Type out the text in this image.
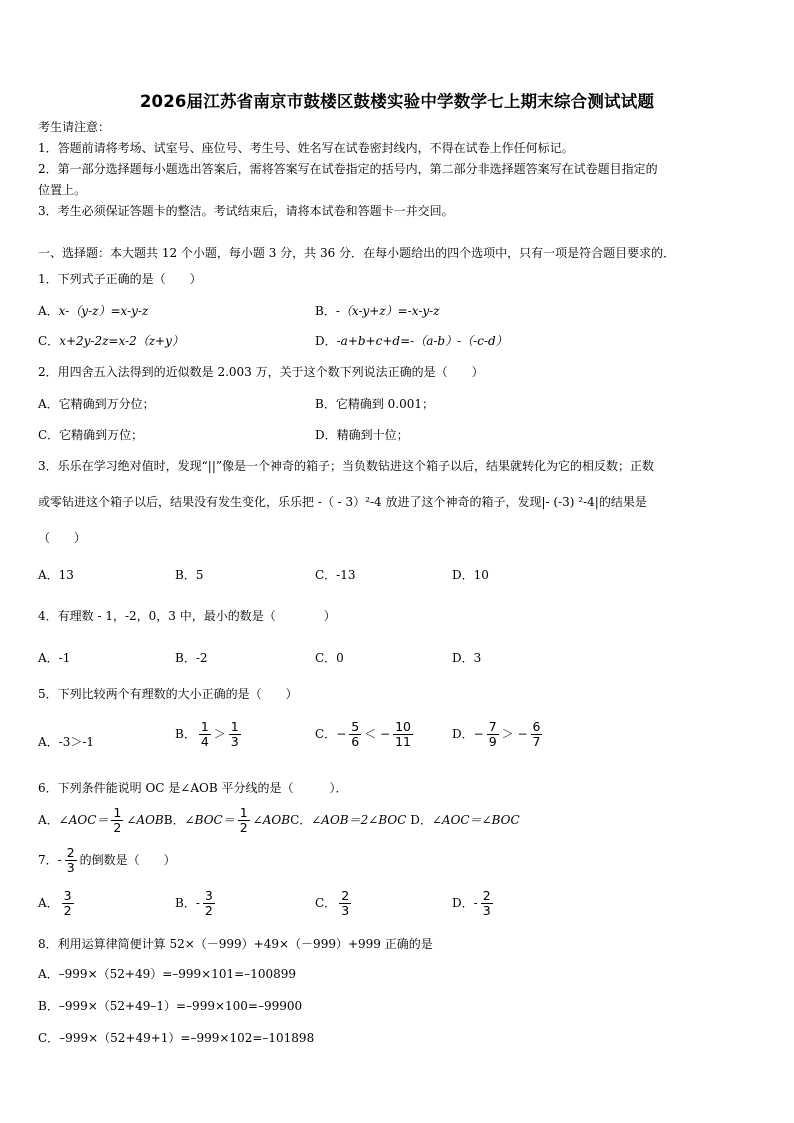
2026届江苏省南京市鼓楼区鼓楼实验中学数学七上期末综合测试试题
考生请注意：
1．答题前请将考场、试室号、座位号、考生号、姓名写在试卷密封线内，不得在试卷上作任何标记。
2．第一部分选择题每小题选出答案后，需将答案写在试卷指定的括号内，第二部分非选择题答案写在试卷题目指定的
位置上。
3．考生必须保证答题卡的整洁。考试结束后，请将本试卷和答题卡一并交回。
一、选择题：本大题共 12 个小题，每小题 3 分，共 36 分．在每小题给出的四个选项中，只有一项是符合题目要求的．
1．下列式子正确的是（　　）
A．x-（y-z）=x-y-z	B．-（x-y+z）=-x-y-z
C．x+2y-2z=x-2（z+y）	D．-a+b+c+d=-（a-b）-（-c-d）
2．用四舍五入法得到的近似数是 2.003 万，关于这个数下列说法正确的是（　　）
A．它精确到万分位；	B．它精确到 0.001；
C．它精确到万位；	D．精确到十位；
3．乐乐在学习绝对值时，发现“||”像是一个神奇的箱子；当负数钻进这个箱子以后，结果就转化为它的相反数；正数
或零钻进这个箱子以后，结果没有发生变化，乐乐把 -（ - 3）²-4 放进了这个神奇的箱子，发现|- (-3) ²-4|的结果是
（　　）
A．13	B．5	C．-13	D．10
4．有理数 - 1，-2，0，3 中，最小的数是（　　　　）
A．-1	B．-2	C．0	D．3
5．下列比较两个有理数的大小正确的是（　　）
A．-3＞-1
B． $\frac{1}{4} > \frac{1}{3}$	C．− $\frac{5}{6}$ ＜ − $\frac{10}{11}$	D．− $\frac{7}{9}$ ＞ − $\frac{6}{7}$
6．下列条件能说明 OC 是∠AOB 平分线的是（　　　）．
A．∠AOC＝ $\frac{1}{2}$ ∠AOBB．∠BOC＝ $\frac{1}{2}$ ∠AOBC．∠AOB＝2∠BOC D．∠AOC＝∠BOC
7．- $\frac{2}{3}$ 的倒数是（　　）
A． $\frac{3}{2}$	B．- $\frac{3}{2}$	C． $\frac{2}{3}$	D．- $\frac{2}{3}$
8．利用运算律简便计算 52×（－999）+49×（－999）+999 正确的是
A．–999×（52+49）=–999×101=–100899
B．–999×（52+49–1）=–999×100=–99900
C．–999×（52+49+1）=–999×102=–101898
